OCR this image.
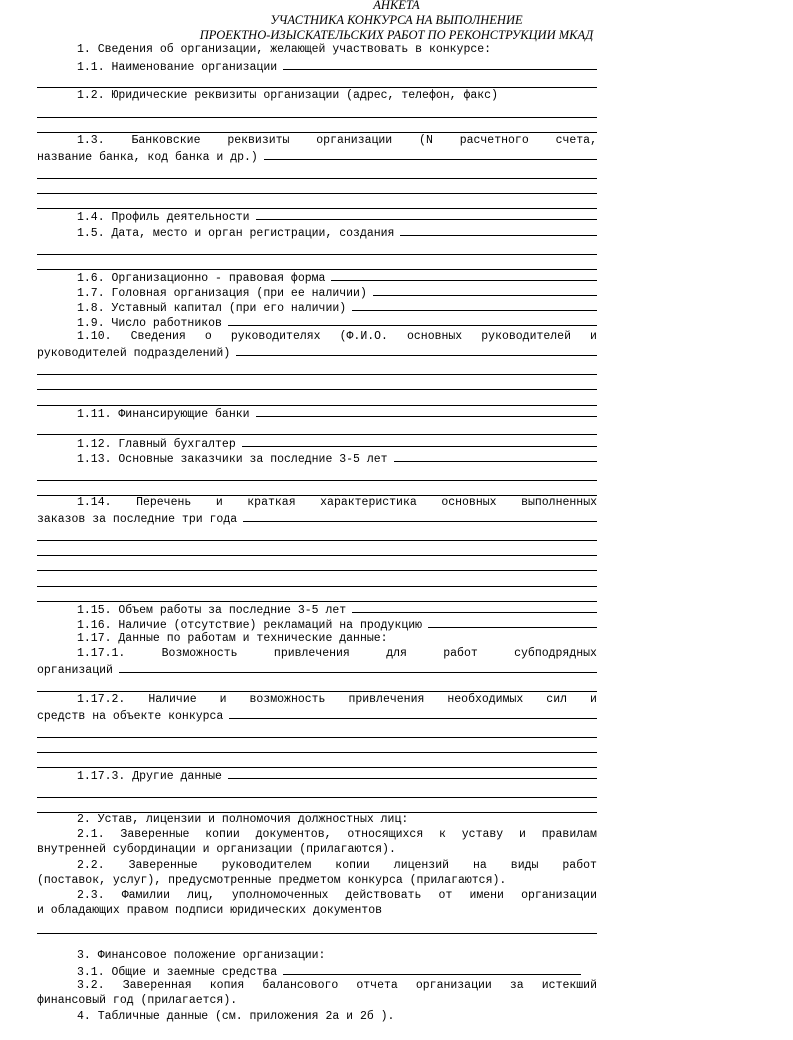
АНКЕТА
УЧАСТНИКА КОНКУРСА НА ВЫПОЛНЕНИЕ
ПРОЕКТНО-ИЗЫСКАТЕЛЬСКИХ РАБОТ ПО РЕКОНСТРУКЦИИ МКАД
1. Сведения об организации, желающей участвовать в конкурсе:
1.1. Наименование организации
1.2. Юридические реквизиты организации (адрес, телефон, факс)
1.3. Банковские реквизиты организации (N расчетного счета,
название банка, код банка и др.)
1.4. Профиль деятельности
1.5. Дата, место и орган регистрации, создания
1.6. Организационно - правовая форма
1.7. Головная организация (при ее наличии)
1.8. Уставный капитал (при его наличии)
1.9. Число работников
1.10. Сведения о руководителях (Ф.И.О. основных руководителей и
руководителей подразделений)
1.11. Финансирующие банки
1.12. Главный бухгалтер
1.13. Основные заказчики за последние 3-5 лет
1.14. Перечень и краткая характеристика основных выполненных
заказов за последние три года
1.15. Объем работы за последние 3-5 лет
1.16. Наличие (отсутствие) рекламаций на продукцию
1.17. Данные по работам и технические данные:
1.17.1.	Возможность	привлечения	для	работ	субподрядных
организаций
1.17.2. Наличие и возможность привлечения необходимых сил и
средств на объекте конкурса
1.17.3. Другие данные
2. Устав, лицензии и полномочия должностных лиц:
2.1. Заверенные копии документов, относящихся к уставу и правилам
внутренней субординации и организации (прилагаются).
2.2. Заверенные руководителем копии лицензий на виды работ
(поставок, услуг), предусмотренные предметом конкурса (прилагаются).
2.3. Фамилии лиц, уполномоченных действовать от имени организации
и обладающих правом подписи юридических документов
3. Финансовое положение организации:
3.1. Общие и заемные средства
3.2. Заверенная копия балансового отчета организации за истекший
финансовый год (прилагается).
4. Табличные данные (см. приложения 2а и 2б ).
